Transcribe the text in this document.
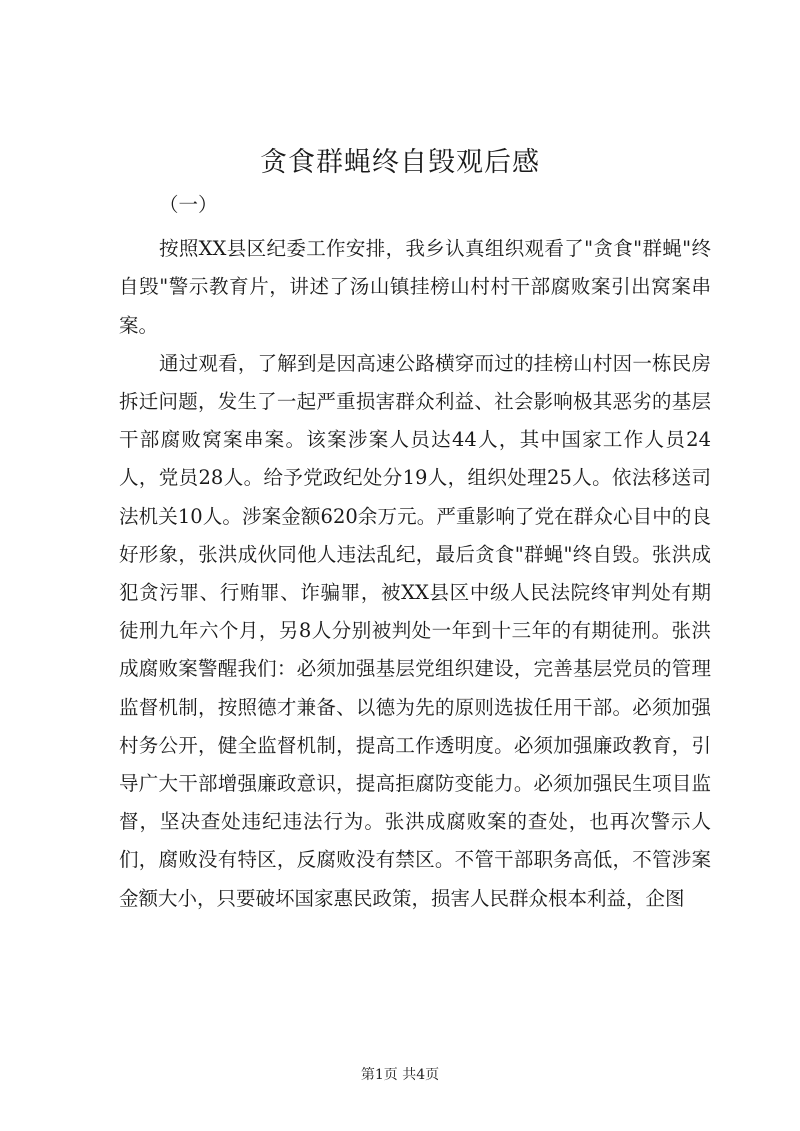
贪食群蝇终自毁观后感

（一）

按照XX县区纪委工作安排，我乡认真组织观看了"贪食"群蝇"终自毁"警示教育片，讲述了汤山镇挂榜山村村干部腐败案引出窝案串案。

通过观看，了解到是因高速公路横穿而过的挂榜山村因一栋民房拆迁问题，发生了一起严重损害群众利益、社会影响极其恶劣的基层干部腐败窝案串案。该案涉案人员达44人，其中国家工作人员24人，党员28人。给予党政纪处分19人，组织处理25人。依法移送司法机关10人。涉案金额620余万元。严重影响了党在群众心目中的良好形象，张洪成伙同他人违法乱纪，最后贪食"群蝇"终自毁。张洪成犯贪污罪、行贿罪、诈骗罪，被XX县区中级人民法院终审判处有期徒刑九年六个月，另8人分别被判处一年到十三年的有期徒刑。张洪成腐败案警醒我们：必须加强基层党组织建设，完善基层党员的管理监督机制，按照德才兼备、以德为先的原则选拔任用干部。必须加强村务公开，健全监督机制，提高工作透明度。必须加强廉政教育，引导广大干部增强廉政意识，提高拒腐防变能力。必须加强民生项目监督，坚决查处违纪违法行为。张洪成腐败案的查处，也再次警示人们，腐败没有特区，反腐败没有禁区。不管干部职务高低，不管涉案金额大小，只要破坏国家惠民政策，损害人民群众根本利益，企图

第1页 共4页
